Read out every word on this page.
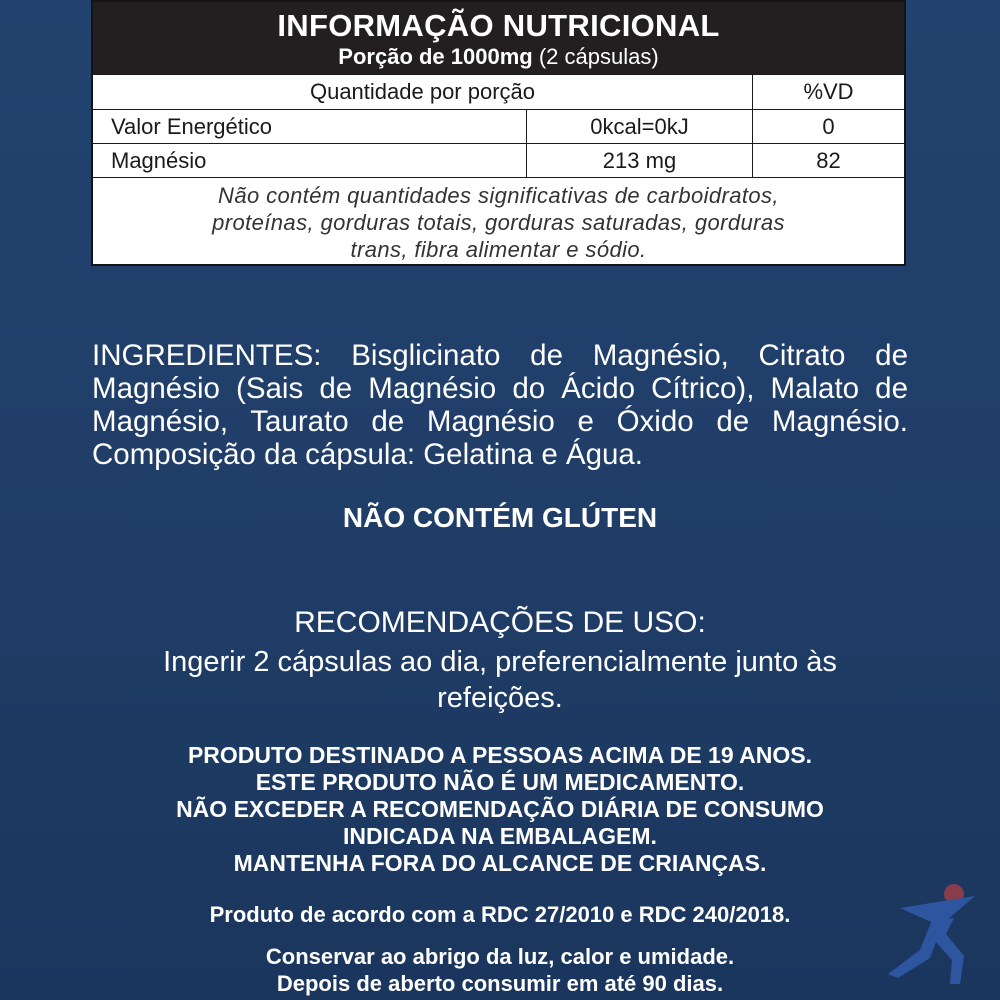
INFORMAÇÃO NUTRICIONAL
Porção de 1000mg (2 cápsulas)
Quantidade por porção	%VD
Valor Energético	0kcal=0kJ	0
Magnésio	213 mg	82
Não contém quantidades significativas de carboidratos,
proteínas, gorduras totais, gorduras saturadas, gorduras
trans, fibra alimentar e sódio.
INGREDIENTES: Bisglicinato de Magnésio, Citrato de Magnésio (Sais de Magnésio do Ácido Cítrico), Malato de Magnésio, Taurato de Magnésio e Óxido de Magnésio. Composição da cápsula: Gelatina e Água.
NÃO CONTÉM GLÚTEN
RECOMENDAÇÕES DE USO:
Ingerir 2 cápsulas ao dia, preferencialmente junto às refeições.
PRODUTO DESTINADO A PESSOAS ACIMA DE 19 ANOS.
ESTE PRODUTO NÃO É UM MEDICAMENTO.
NÃO EXCEDER A RECOMENDAÇÃO DIÁRIA DE CONSUMO
INDICADA NA EMBALAGEM.
MANTENHA FORA DO ALCANCE DE CRIANÇAS.
Produto de acordo com a RDC 27/2010 e RDC 240/2018.
Conservar ao abrigo da luz, calor e umidade.
Depois de aberto consumir em até 90 dias.
